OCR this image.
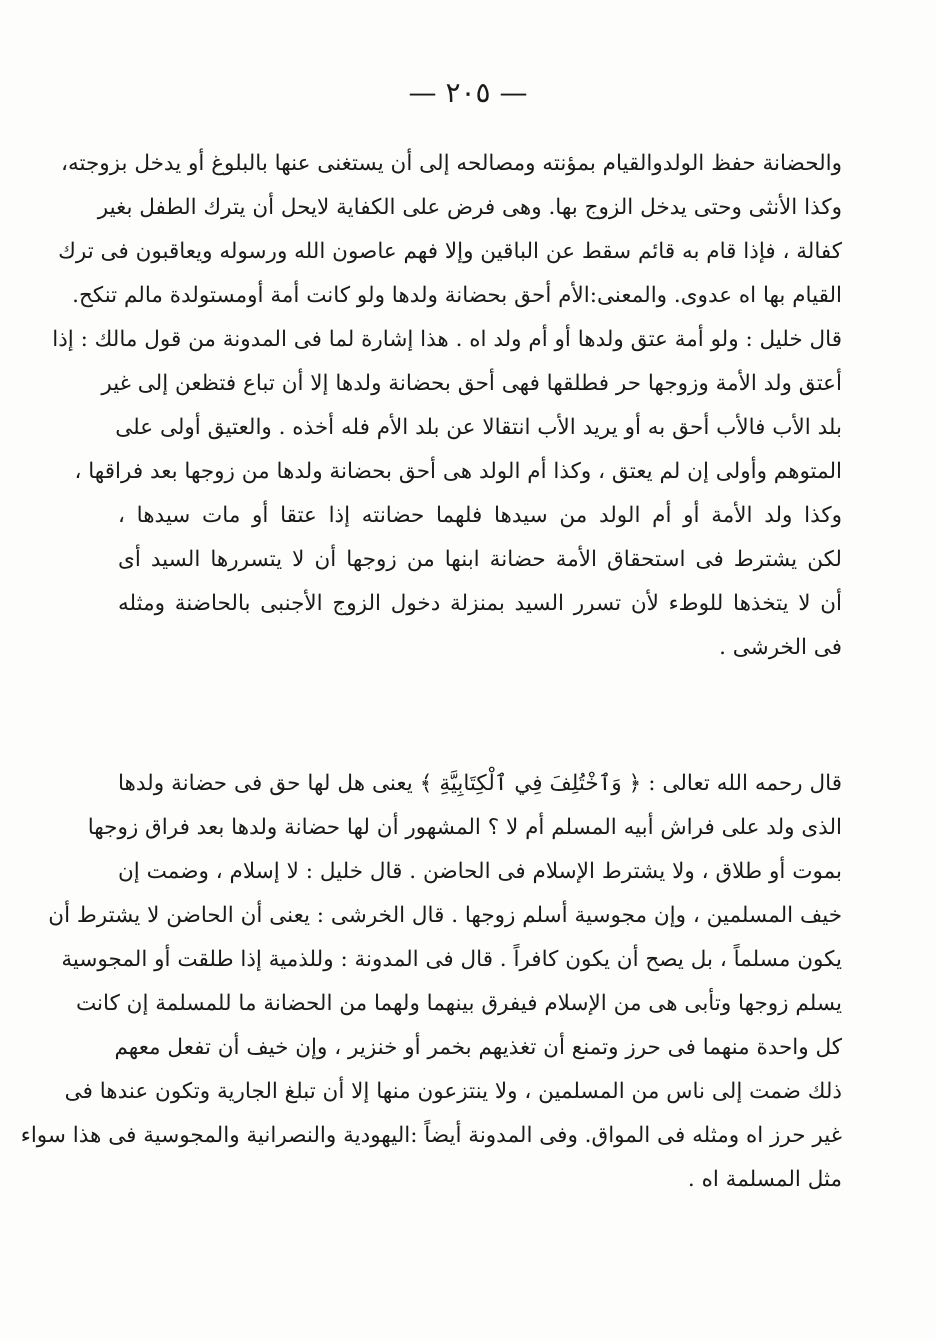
— ٢٠٥ —
والحضانة حفظ الولدوالقيام بمؤنته ومصالحه إلى أن يستغنى عنها بالبلوغ أو يدخل بزوجته،
وكذا الأنثى وحتى يدخل الزوج بها. وهى فرض على الكفاية لايحل أن يترك الطفل بغير
كفالة ، فإذا قام به قائم سقط عن الباقين وإلا فهم عاصون الله ورسوله ويعاقبون فى ترك
القيام بها اه عدوى. والمعنى:الأم أحق بحضانة ولدها ولو كانت أمة أومستولدة مالم تنكح.
قال خليل : ولو أمة عتق ولدها أو أم ولد اه . هذا إشارة لما فى المدونة من قول مالك : إذا
أعتق ولد الأمة وزوجها حر فطلقها فهى أحق بحضانة ولدها إلا أن تباع فتظعن إلى غير
بلد الأب فالأب أحق به أو يريد الأب انتقالا عن بلد الأم فله أخذه . والعتيق أولى على
المتوهم وأولى إن لم يعتق ، وكذا أم الولد هى أحق بحضانة ولدها من زوجها بعد فراقها ،
وكذا ولد الأمة أو أم الولد من سيدها فلهما حضانته إذا عتقا أو مات سيدها ،
لكن يشترط فى استحقاق الأمة حضانة ابنها من زوجها أن لا يتسررها السيد أى
أن لا يتخذها للوطء لأن تسرر السيد بمنزلة دخول الزوج الأجنبى بالحاضنة ومثله
فى الخرشى .
قال رحمه الله تعالى : ﴿ وَٱخْتُلِفَ فِي ٱلْكِتَابِيَّةِ ﴾ يعنى هل لها حق فى حضانة ولدها
الذى ولد على فراش أبيه المسلم أم لا ؟ المشهور أن لها حضانة ولدها بعد فراق زوجها
بموت أو طلاق ، ولا يشترط الإسلام فى الحاضن . قال خليل : لا إسلام ، وضمت إن
خيف المسلمين ، وإن مجوسية أسلم زوجها . قال الخرشى : يعنى أن الحاضن لا يشترط أن
يكون مسلماً ، بل يصح أن يكون كافراً . قال فى المدونة : وللذمية إذا طلقت أو المجوسية
يسلم زوجها وتأبى هى من الإسلام فيفرق بينهما ولهما من الحضانة ما للمسلمة إن كانت
كل واحدة منهما فى حرز وتمنع أن تغذيهم بخمر أو خنزير ، وإن خيف أن تفعل معهم
ذلك ضمت إلى ناس من المسلمين ، ولا ينتزعون منها إلا أن تبلغ الجارية وتكون عندها فى
غير حرز اه ومثله فى المواق. وفى المدونة أيضاً :اليهودية والنصرانية والمجوسية فى هذا سواء
مثل المسلمة اه .
